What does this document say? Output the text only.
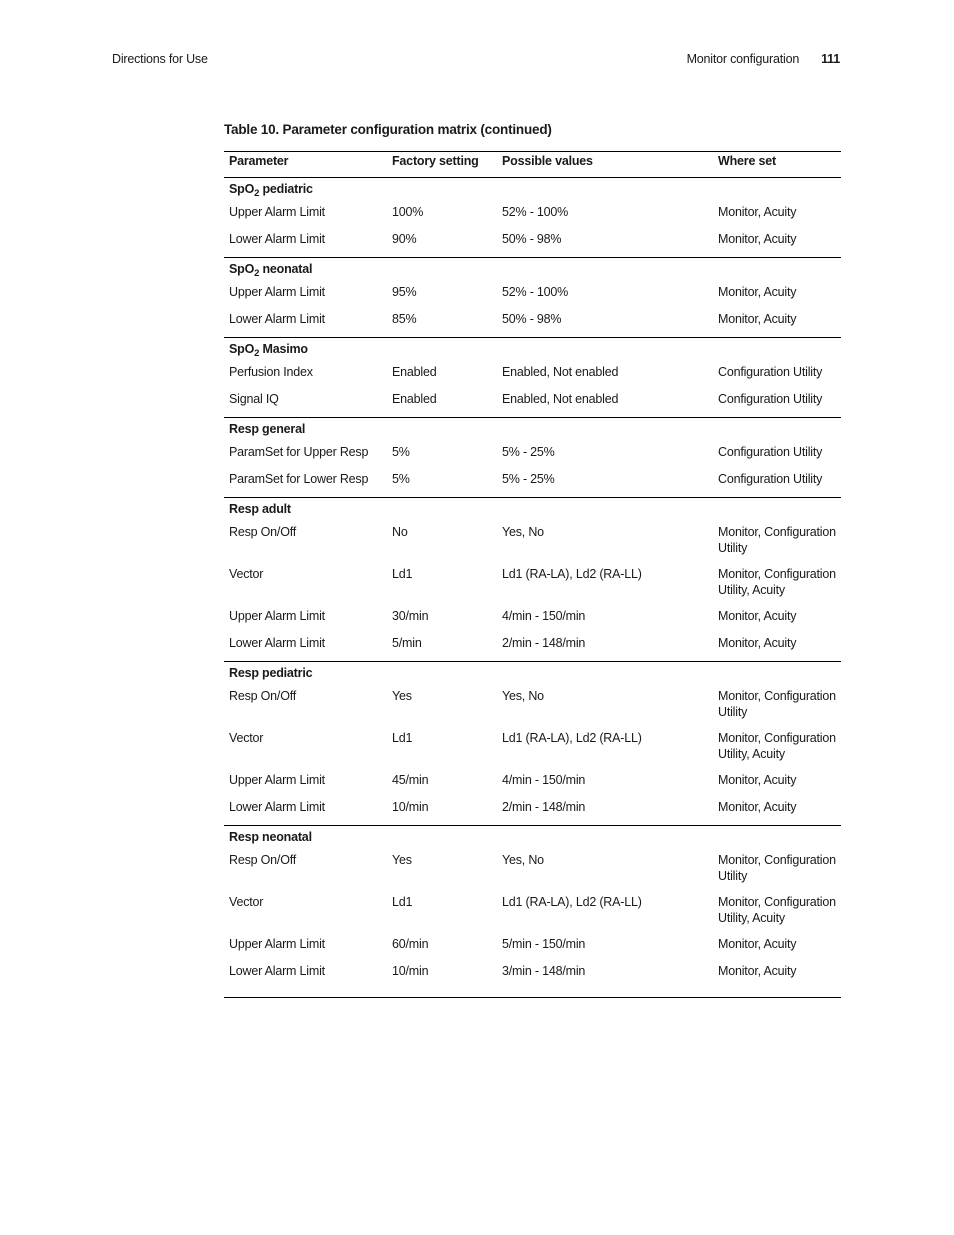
Directions for Use	Monitor configuration 111
Table 10. Parameter configuration matrix (continued)
Parameter	Factory setting	Possible values	Where set
SpO$_2$ pediatric			
Upper Alarm Limit	100%	52% - 100%	Monitor, Acuity
Lower Alarm Limit	90%	50% - 98%	Monitor, Acuity
SpO$_2$ neonatal			
Upper Alarm Limit	95%	52% - 100%	Monitor, Acuity
Lower Alarm Limit	85%	50% - 98%	Monitor, Acuity
SpO$_2$ Masimo			
Perfusion Index	Enabled	Enabled, Not enabled	Configuration Utility
Signal IQ	Enabled	Enabled, Not enabled	Configuration Utility
Resp general			
ParamSet for Upper Resp	5%	5% - 25%	Configuration Utility
ParamSet for Lower Resp	5%	5% - 25%	Configuration Utility
Resp adult			
Resp On/Off	No	Yes, No	Monitor, Configuration Utility
Vector	Ld1	Ld1 (RA-LA), Ld2 (RA-LL)	Monitor, Configuration Utility, Acuity
Upper Alarm Limit	30/min	4/min - 150/min	Monitor, Acuity
Lower Alarm Limit	5/min	2/min - 148/min	Monitor, Acuity
Resp pediatric			
Resp On/Off	Yes	Yes, No	Monitor, Configuration Utility
Vector	Ld1	Ld1 (RA-LA), Ld2 (RA-LL)	Monitor, Configuration Utility, Acuity
Upper Alarm Limit	45/min	4/min - 150/min	Monitor, Acuity
Lower Alarm Limit	10/min	2/min - 148/min	Monitor, Acuity
Resp neonatal			
Resp On/Off	Yes	Yes, No	Monitor, Configuration Utility
Vector	Ld1	Ld1 (RA-LA), Ld2 (RA-LL)	Monitor, Configuration Utility, Acuity
Upper Alarm Limit	60/min	5/min - 150/min	Monitor, Acuity
Lower Alarm Limit	10/min	3/min - 148/min	Monitor, Acuity
